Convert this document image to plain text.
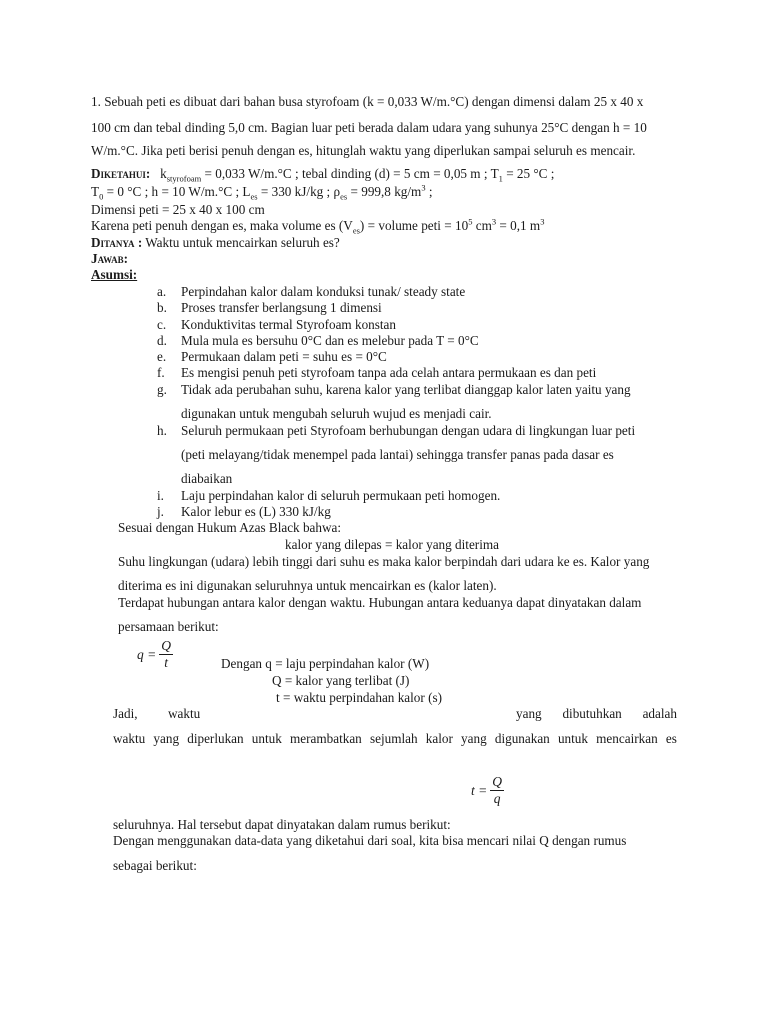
1. Sebuah peti es dibuat dari bahan busa styrofoam (k = 0,033 W/m.°C) dengan dimensi dalam 25 x 40 x
100 cm dan tebal dinding 5,0 cm. Bagian luar peti berada dalam udara yang suhunya 25°C dengan h = 10
W/m.°C. Jika peti berisi penuh dengan es, hitunglah waktu yang diperlukan sampai seluruh es mencair.
Diketahui: $k_{styrofoam} = 0,033$ W/m.°C ; tebal dinding (d) = 5 cm = 0,05 m ; $T_1 = 25$ °C ;
$T_0 = 0$ °C ; h = 10 W/m.°C ; $L_{es} = 330$ kJ/kg ; $\rho_{es} = 999,8$ $kg/m^3$ ;
Dimensi peti = 25 x 40 x 100 cm
Karena peti penuh dengan es, maka volume es $(V_{es})$ = volume peti = $10^5$ $cm^3 = 0,1$ $m^3$
Ditanya : Waktu untuk mencairkan seluruh es?
Jawab:
Asumsi:
a.	Perpindahan kalor dalam konduksi tunak/ steady state
b.	Proses transfer berlangsung 1 dimensi
c.	Konduktivitas termal Styrofoam konstan
d.	Mula mula es bersuhu 0°C dan es melebur pada T = 0°C
e.	Permukaan dalam peti = suhu es = 0°C
f.	Es mengisi penuh peti styrofoam tanpa ada celah antara permukaan es dan peti
g.	Tidak ada perubahan suhu, karena kalor yang terlibat dianggap kalor laten yaitu yang
digunakan untuk mengubah seluruh wujud es menjadi cair.
h.	Seluruh permukaan peti Styrofoam berhubungan dengan udara di lingkungan luar peti
(peti melayang/tidak menempel pada lantai) sehingga transfer panas pada dasar es
diabaikan
i.	Laju perpindahan kalor di seluruh permukaan peti homogen.
j.	Kalor lebur es (L) 330 kJ/kg
Sesuai dengan Hukum Azas Black bahwa:
kalor yang dilepas = kalor yang diterima
Suhu lingkungan (udara) lebih tinggi dari suhu es maka kalor berpindah dari udara ke es. Kalor yang
diterima es ini digunakan seluruhnya untuk mencairkan es (kalor laten).
Terdapat hubungan antara kalor dengan waktu. Hubungan antara keduanya dapat dinyatakan dalam
persamaan berikut:
$q = \frac{Q}{t}$	Dengan q = laju perpindahan kalor (W)
Q = kalor yang terlibat (J)
t = waktu perpindahan kalor (s)
Jadi, waktu	yang dibutuhkan adalah
waktu yang diperlukan untuk merambatkan sejumlah kalor yang digunakan untuk mencairkan es
$t = \frac{Q}{q}$
seluruhnya. Hal tersebut dapat dinyatakan dalam rumus berikut:
Dengan menggunakan data-data yang diketahui dari soal, kita bisa mencari nilai Q dengan rumus
sebagai berikut:
